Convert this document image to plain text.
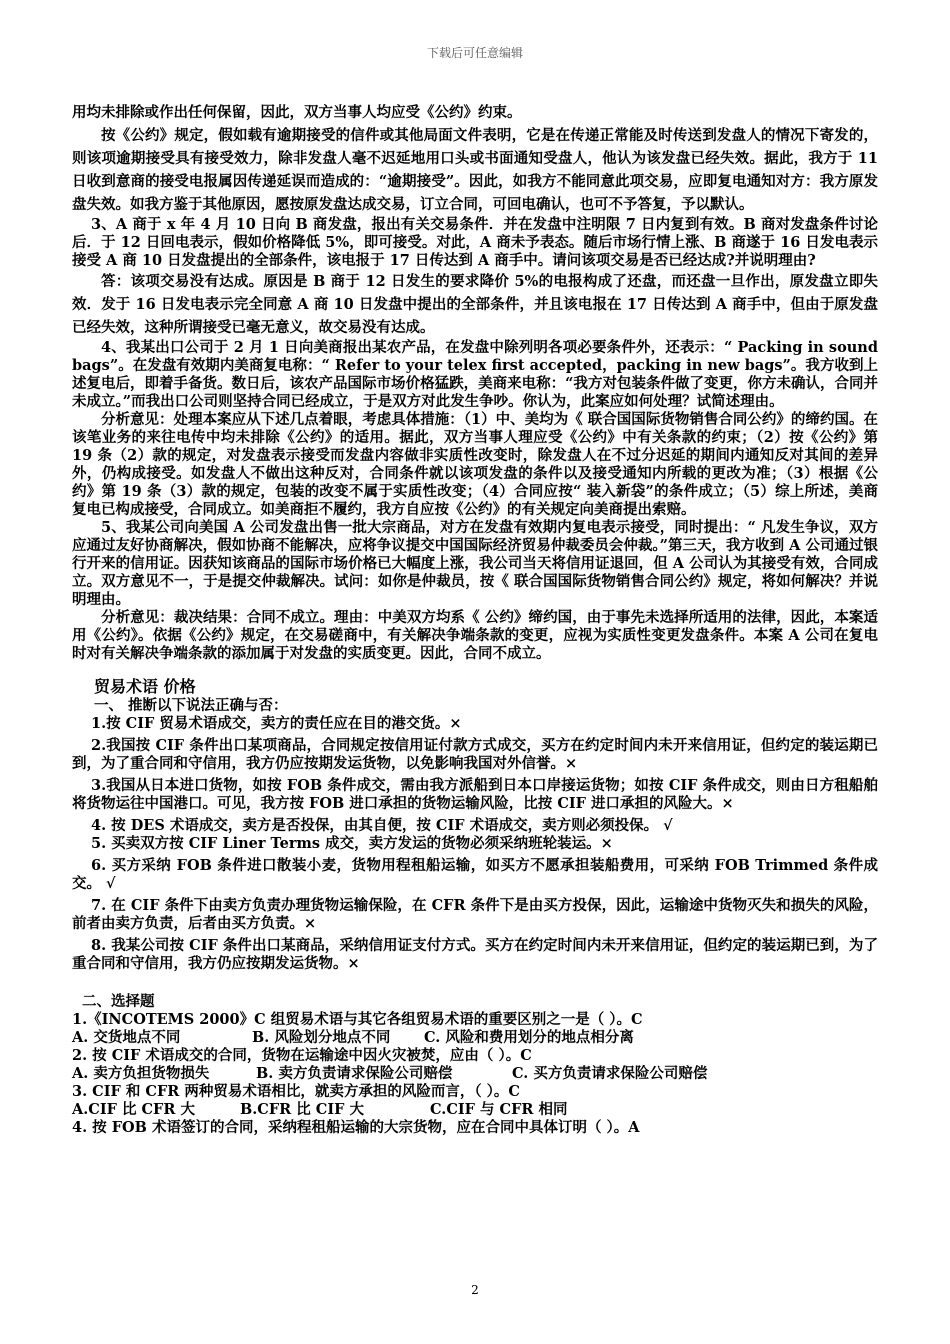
下载后可任意编辑

用均未排除或作出任何保留，因此，双方当事人均应受《公约》约束。

按《公约》规定，假如载有逾期接受的信件或其他局面文件表明，它是在传递正常能及时传送到发盘人的情况下寄发的，则该项逾期接受具有接受效力，除非发盘人毫不迟延地用口头或书面通知受盘人，他认为该发盘已经失效。据此，我方于 11 日收到意商的接受电报属因传递延误而造成的：“逾期接受”。因此，如我方不能同意此项交易，应即复电通知对方：我方原发盘失效。如我方鉴于其他原因，愿按原发盘达成交易，订立合同，可回电确认，也可不予答复，予以默认。

3、A 商于 x 年 4 月 10 日向 B 商发盘，报出有关交易条件．并在发盘中注明限 7 日内复到有效。B 商对发盘条件讨论后．于 12 日回电表示，假如价格降低 5%，即可接受。对此，A 商未予表态。随后市场行情上涨、B 商遂于 16 日发电表示接受 A 商 10 日发盘提出的全部条件，该电报于 17 日传达到 A 商手中。请问该项交易是否已经达成?并说明理由?

答：该项交易没有达成。原因是 B 商于 12 日发生的要求降价 5%的电报构成了还盘，而还盘一旦作出，原发盘立即失效．发于 16 日发电表示完全同意 A 商 10 日发盘中提出的全部条件，并且该电报在 17 日传达到 A 商手中，但由于原发盘已经失效，这种所谓接受已毫无意义，故交易没有达成。

4、我某出口公司于 2 月 1 日向美商报出某农产品，在发盘中除列明各项必要条件外，还表示：“ Packing in sound bags”。在发盘有效期内美商复电称：“ Refer to your telex first accepted，packing in new bags”。我方收到上述复电后，即着手备货。数日后，该农产品国际市场价格猛跌，美商来电称：“我方对包装条件做了变更，你方未确认，合同并未成立。”而我出口公司则坚持合同已经成立，于是双方对此发生争吵。你认为，此案应如何处理？试简述理由。

分析意见：处理本案应从下述几点着眼，考虑具体措施：（1）中、美均为《 联合国国际货物销售合同公约》的缔约国。在该笔业务的来往电传中均未排除《公约》的适用。据此，双方当事人理应受《公约》中有关条款的约束；（2）按《公约》第 19 条（2）款的规定，对发盘表示接受而发盘内容做非实质性改变时，除发盘人在不过分迟延的期间内通知反对其间的差异外，仍构成接受。如发盘人不做出这种反对，合同条件就以该项发盘的条件以及接受通知内所载的更改为准；（3）根据《公约》第 19 条（3）款的规定，包装的改变不属于实质性改变；（4）合同应按“ 装入新袋”的条件成立；（5）综上所述，美商复电已构成接受，合同成立。如美商拒不履约，我方自应按《公约》的有关规定向美商提出索赔。

5、我某公司向美国 A 公司发盘出售一批大宗商品，对方在发盘有效期内复电表示接受，同时提出：“ 凡发生争议，双方应通过友好协商解决，假如协商不能解决，应将争议提交中国国际经济贸易仲裁委员会仲裁。”第三天，我方收到 A 公司通过银行开来的信用证。因获知该商品的国际市场价格已大幅度上涨，我公司当天将信用证退回，但 A 公司认为其接受有效，合同成立。双方意见不一，于是提交仲裁解决。试问：如你是仲裁员，按《 联合国国际货物销售合同公约》规定，将如何解决？并说明理由。

分析意见：裁决结果：合同不成立。理由：中美双方均系《 公约》缔约国，由于事先未选择所适用的法律，因此，本案适用《公约》。依据《公约》规定，在交易磋商中，有关解决争端条款的变更，应视为实质性变更发盘条件。本案 A 公司在复电时对有关解决争端条款的添加属于对发盘的实质变更。因此，合同不成立。

贸易术语 价格
一、 推断以下说法正确与否：

1.按 CIF 贸易术语成交，卖方的责任应在目的港交货。×

2.我国按 CIF 条件出口某项商品，合同规定按信用证付款方式成交，买方在约定时间内未开来信用证，但约定的装运期已到，为了重合同和守信用，我方仍应按期发运货物，以免影响我国对外信誉。×

3.我国从日本进口货物，如按 FOB 条件成交，需由我方派船到日本口岸接运货物；如按 CIF 条件成交，则由日方租船舶将货物运往中国港口。可见，我方按 FOB 进口承担的货物运输风险，比按 CIF 进口承担的风险大。×

4. 按 DES 术语成交，卖方是否投保，由其自便，按 CIF 术语成交，卖方则必须投保。 √

5. 买卖双方按 CIF Liner Terms 成交，卖方发运的货物必须采纳班轮装运。×

6. 买方采纳 FOB 条件进口散装小麦，货物用程租船运输，如买方不愿承担装船费用，可采纳 FOB Trimmed 条件成交。 √

7. 在 CIF 条件下由卖方负责办理货物运输保险，在 CFR 条件下是由买方投保，因此，运输途中货物灭失和损失的风险，前者由卖方负责，后者由买方负责。×

8. 我某公司按 CIF 条件出口某商品，采纳信用证支付方式。买方在约定时间内未开来信用证，但约定的装运期已到，为了重合同和守信用，我方仍应按期发运货物。×

二、选择题
1.《INCOTEMS 2000》C 组贸易术语与其它各组贸易术语的重要区别之一是（ ）。C
A. 交货地点不同	B. 风险划分地点不同	C. 风险和费用划分的地点相分离
2. 按 CIF 术语成交的合同，货物在运输途中因火灾被焚，应由（ ）。C
A. 卖方负担货物损失	B. 卖方负责请求保险公司赔偿	C. 买方负责请求保险公司赔偿
3. CIF 和 CFR 两种贸易术语相比，就卖方承担的风险而言，（ ）。C
A.CIF 比 CFR 大	B.CFR 比 CIF 大	C.CIF 与 CFR 相同
4. 按 FOB 术语签订的合同，采纳程租船运输的大宗货物，应在合同中具体订明（ ）。A
2
